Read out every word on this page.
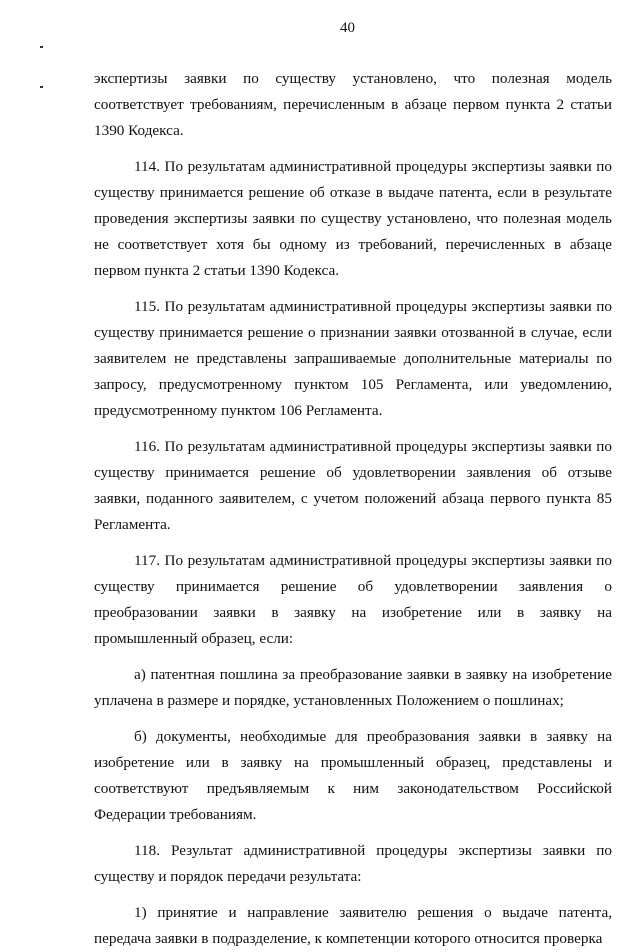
40

экспертизы заявки по существу установлено, что полезная модель соответствует требованиям, перечисленным в абзаце первом пункта 2 статьи 1390 Кодекса.

114. По результатам административной процедуры экспертизы заявки по существу принимается решение об отказе в выдаче патента, если в результате проведения экспертизы заявки по существу установлено, что полезная модель не соответствует хотя бы одному из требований, перечисленных в абзаце первом пункта 2 статьи 1390 Кодекса.

115. По результатам административной процедуры экспертизы заявки по существу принимается решение о признании заявки отозванной в случае, если заявителем не представлены запрашиваемые дополнительные материалы по запросу, предусмотренному пунктом 105 Регламента, или уведомлению, предусмотренному пунктом 106 Регламента.

116. По результатам административной процедуры экспертизы заявки по существу принимается решение об удовлетворении заявления об отзыве заявки, поданного заявителем, с учетом положений абзаца первого пункта 85 Регламента.

117. По результатам административной процедуры экспертизы заявки по существу принимается решение об удовлетворении заявления о преобразовании заявки в заявку на изобретение или в заявку на промышленный образец, если:

а) патентная пошлина за преобразование заявки в заявку на изобретение уплачена в размере и порядке, установленных Положением о пошлинах;

б) документы, необходимые для преобразования заявки в заявку на изобретение или в заявку на промышленный образец, представлены и соответствуют предъявляемым к ним законодательством Российской Федерации требованиям.

118. Результат административной процедуры экспертизы заявки по существу и порядок передачи результата:

1) принятие и направление заявителю решения о выдаче патента, передача заявки в подразделение, к компетенции которого относится проверка
